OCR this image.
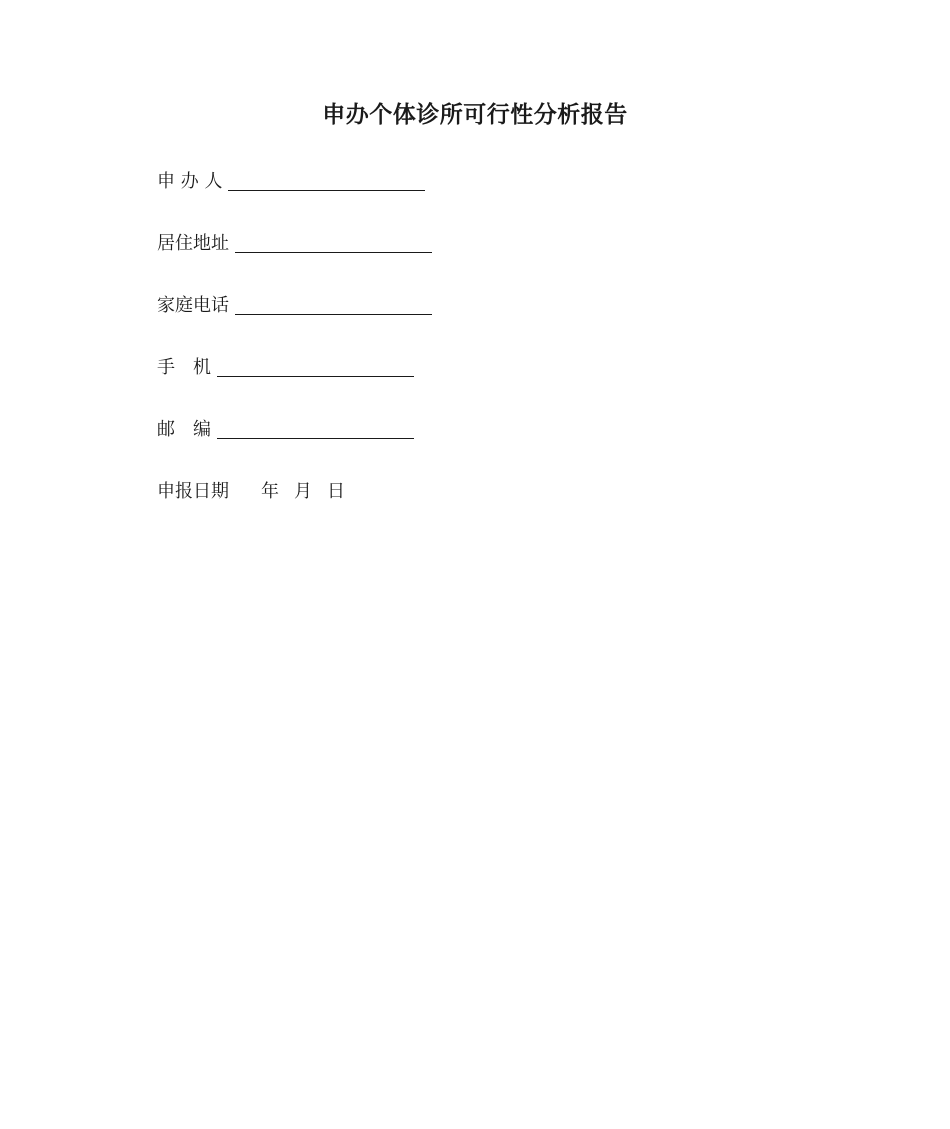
申办个体诊所可行性分析报告
申 办 人
居住地址
家庭电话
手　机
邮　编
申报日期 年 月 日
